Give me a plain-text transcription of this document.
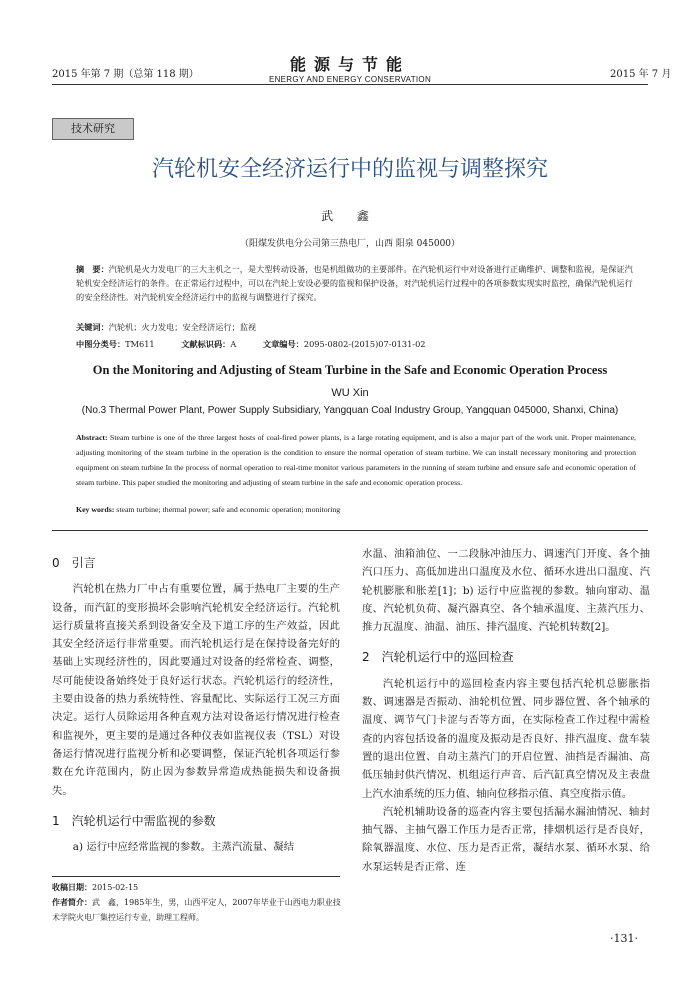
2015 年第 7 期（总第 118 期）
能源与节能
ENERGY AND ENERGY CONSERVATION	2015 年 7 月
技术研究
汽轮机安全经济运行中的监视与调整探究
武 鑫
（阳煤发供电分公司第三热电厂，山西 阳泉 045000）
摘　要：汽轮机是火力发电厂的三大主机之一，是大型转动设备，也是机组做功的主要部件。在汽轮机运行中对设备进行正确维护、调整和监视，是保证汽轮机安全经济运行的条件。在正常运行过程中，可以在汽轮上安设必要的监视和保护设备，对汽轮机运行过程中的各项参数实现实时监控，确保汽轮机运行的安全经济性。对汽轮机安全经济运行中的监视与调整进行了探究。
关键词：汽轮机；火力发电；安全经济运行；监视
中图分类号：TM611	文献标识码：A	文章编号：2095-0802-(2015)07-0131-02
On the Monitoring and Adjusting of Steam Turbine in the Safe and Economic Operation Process
WU Xin
(No.3 Thermal Power Plant, Power Supply Subsidiary, Yangquan Coal Industry Group, Yangquan 045000, Shanxi, China)
Abstract: Steam turbine is one of the three largest hosts of coal-fired power plants, is a large rotating equipment, and is also a major part of the work unit. Proper maintenance, adjusting monitoring of the steam turbine in the operation is the condition to ensure the normal operation of steam turbine. We can install necessary monitoring and protection equipment on steam turbine In the process of normal operation to real-time monitor various parameters in the running of steam turbine and ensure safe and economic operation of steam turbine. This paper studied the monitoring and adjusting of steam turbine in the safe and economic operation process.
Key words: steam turbine; thermal power; safe and economic operation; monitoring
0　引言

汽轮机在热力厂中占有重要位置，属于热电厂主要的生产设备，而汽缸的变形损坏会影响汽轮机安全经济运行。汽轮机运行质量将直接关系到设备安全及下道工序的生产效益，因此其安全经济运行非常重要。而汽轮机运行是在保持设备完好的基础上实现经济性的，因此要通过对设备的经常检查、调整，尽可能使设备始终处于良好运行状态。汽轮机运行的经济性，主要由设备的热力系统特性、容量配比、实际运行工况三方面决定。运行人员除运用各种直观方法对设备运行情况进行检查和监视外，更主要的是通过各种仪表如监视仪表（TSL）对设备运行情况进行监视分析和必要调整，保证汽轮机各项运行参数在允许范围内，防止因为参数异常造成热能损失和设备损失。

1　汽轮机运行中需监视的参数

a) 运行中应经常监视的参数。主蒸汽流量、凝结

收稿日期：2015-02-15
作者简介：武　鑫，1985年生，男，山西平定人，2007年毕业于山西电力职业技术学院火电厂集控运行专业，助理工程师。

水温、油箱油位、一二段脉冲油压力、调速汽门开度、各个抽汽口压力、高低加进出口温度及水位、循环水进出口温度、汽轮机膨胀和胀差[1]；b) 运行中应监视的参数。轴向窜动、温度、汽轮机负荷、凝汽器真空、各个轴承温度、主蒸汽压力、推力瓦温度、油温、油压、排汽温度、汽轮机转数[2]。

2　汽轮机运行中的巡回检查

汽轮机运行中的巡回检查内容主要包括汽轮机总膨胀指数、调速器是否振动、油轮机位置、同步器位置、各个轴承的温度、调节气门卡涩与否等方面，在实际检查工作过程中需检查的内容包括设备的温度及振动是否良好、排汽温度、盘车装置的退出位置、自动主蒸汽门的开启位置、油挡是否漏油、高低压轴封供汽情况、机组运行声音、后汽缸真空情况及主表盘上汽水油系统的压力值、轴向位移指示值、真空度指示值。

汽轮机辅助设备的巡查内容主要包括漏水漏油情况、轴封抽气器、主抽气器工作压力是否正常，排烟机运行是否良好，除氧器温度、水位、压力是否正常，凝结水泵、循环水泵、给水泵运转是否正常、连

·131·
